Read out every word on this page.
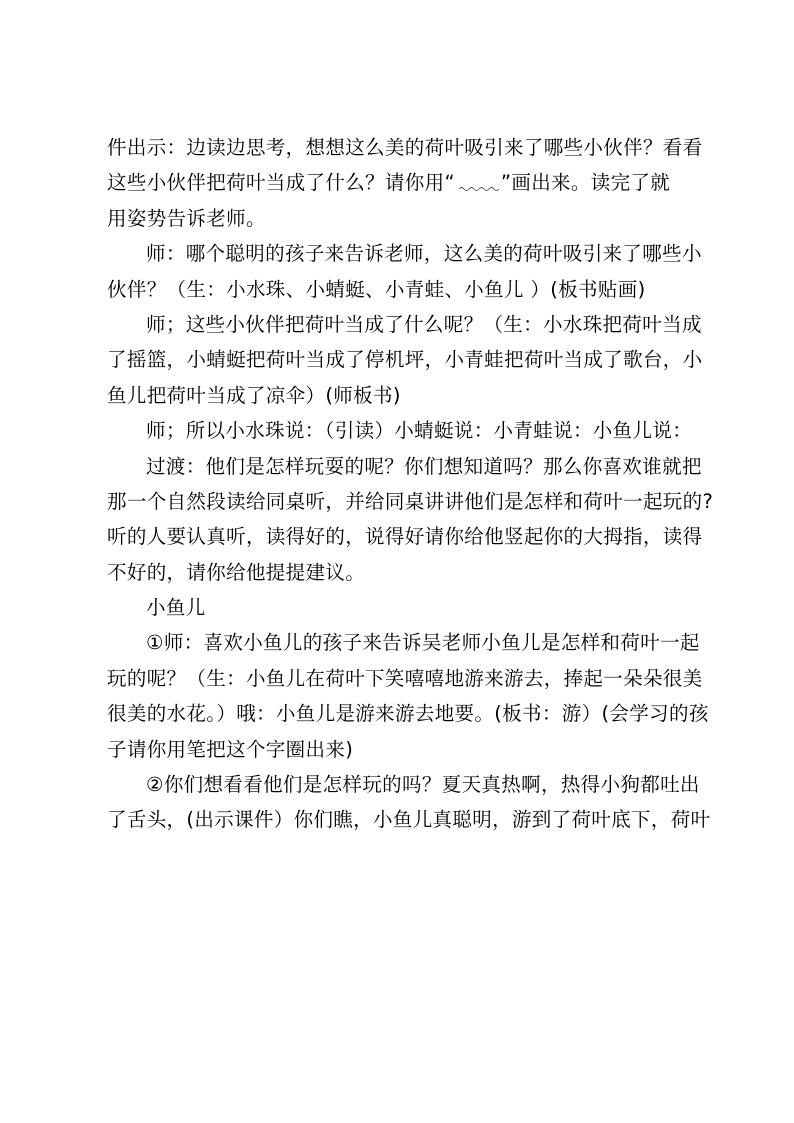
件出示：边读边思考，想想这么美的荷叶吸引来了哪些小伙伴？看看
这些小伙伴把荷叶当成了什么？请你用“ ”画出来。读完了就
用姿势告诉老师。
师：哪个聪明的孩子来告诉老师，这么美的荷叶吸引来了哪些小
伙伴？（生：小水珠、小蜻蜓、小青蛙、小鱼儿 ）(板书贴画)
师；这些小伙伴把荷叶当成了什么呢？（生：小水珠把荷叶当成
了摇篮，小蜻蜓把荷叶当成了停机坪，小青蛙把荷叶当成了歌台，小
鱼儿把荷叶当成了凉伞）(师板书)
师；所以小水珠说：（引读）小蜻蜓说：小青蛙说：小鱼儿说：
过渡：他们是怎样玩耍的呢？你们想知道吗？那么你喜欢谁就把
那一个自然段读给同桌听，并给同桌讲讲他们是怎样和荷叶一起玩的?
听的人要认真听，读得好的，说得好请你给他竖起你的大拇指，读得
不好的，请你给他提提建议。
小鱼儿
①师：喜欢小鱼儿的孩子来告诉吴老师小鱼儿是怎样和荷叶一起
玩的呢？（生：小鱼儿在荷叶下笑嘻嘻地游来游去，捧起一朵朵很美
很美的水花。）哦：小鱼儿是游来游去地要。(板书：游）(会学习的孩
子请你用笔把这个字圈出来)
②你们想看看他们是怎样玩的吗？夏天真热啊，热得小狗都吐出
了舌头，(出示课件）你们瞧，小鱼儿真聪明，游到了荷叶底下，荷叶
